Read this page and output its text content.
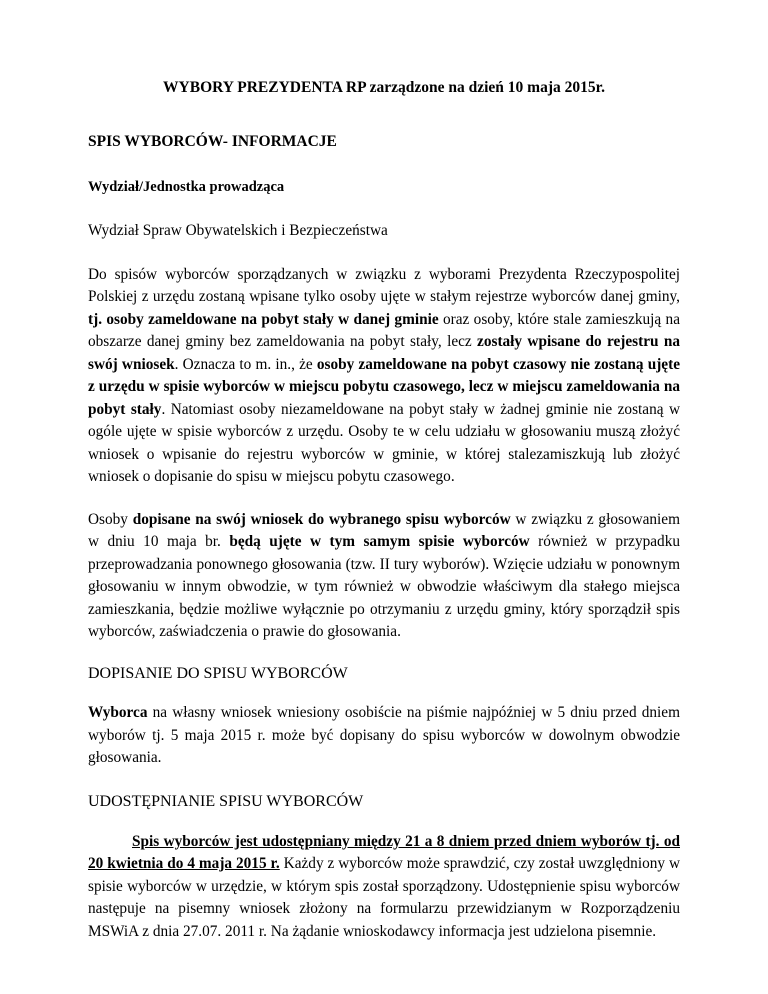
WYBORY PREZYDENTA RP zarządzone na dzień 10 maja 2015r.
SPIS WYBORCÓW- INFORMACJE
Wydział/Jednostka prowadząca
Wydział Spraw Obywatelskich i Bezpieczeństwa

Do spisów wyborców sporządzanych w związku z wyborami Prezydenta Rzeczypospolitej Polskiej z urzędu zostaną wpisane tylko osoby ujęte w stałym rejestrze wyborców danej gminy, tj. osoby zameldowane na pobyt stały w danej gminie oraz osoby, które stale zamieszkują na obszarze danej gminy bez zameldowania na pobyt stały, lecz zostały wpisane do rejestru na swój wniosek. Oznacza to m. in., że osoby zameldowane na pobyt czasowy nie zostaną ujęte z urzędu w spisie wyborców w miejscu pobytu czasowego, lecz w miejscu zameldowania na pobyt stały. Natomiast osoby niezameldowane na pobyt stały w żadnej gminie nie zostaną w ogóle ujęte w spisie wyborców z urzędu. Osoby te w celu udziału w głosowaniu muszą złożyć wniosek o wpisanie do rejestru wyborców w gminie, w której stalezamiszkują lub złożyć wniosek o dopisanie do spisu w miejscu pobytu czasowego.

Osoby dopisane na swój wniosek do wybranego spisu wyborców w związku z głosowaniem w dniu 10 maja br. będą ujęte w tym samym spisie wyborców również w przypadku przeprowadzania ponownego głosowania (tzw. II tury wyborów). Wzięcie udziału w ponownym głosowaniu w innym obwodzie, w tym również w obwodzie właściwym dla stałego miejsca zamieszkania, będzie możliwe wyłącznie po otrzymaniu z urzędu gminy, który sporządził spis wyborców, zaświadczenia o prawie do głosowania.

DOPISANIE DO SPISU WYBORCÓW

Wyborca na własny wniosek wniesiony osobiście na piśmie najpóźniej w 5 dniu przed dniem wyborów tj. 5 maja 2015 r. może być dopisany do spisu wyborców w dowolnym obwodzie głosowania.

UDOSTĘPNIANIE SPISU WYBORCÓW

Spis wyborców jest udostępniany między 21 a 8 dniem przed dniem wyborów tj. od 20 kwietnia do 4 maja 2015 r. Każdy z wyborców może sprawdzić, czy został uwzględniony w spisie wyborców w urzędzie, w którym spis został sporządzony. Udostępnienie spisu wyborców następuje na pisemny wniosek złożony na formularzu przewidzianym w Rozporządzeniu MSWiA z dnia 27.07. 2011 r. Na żądanie wnioskodawcy informacja jest udzielona pisemnie.
